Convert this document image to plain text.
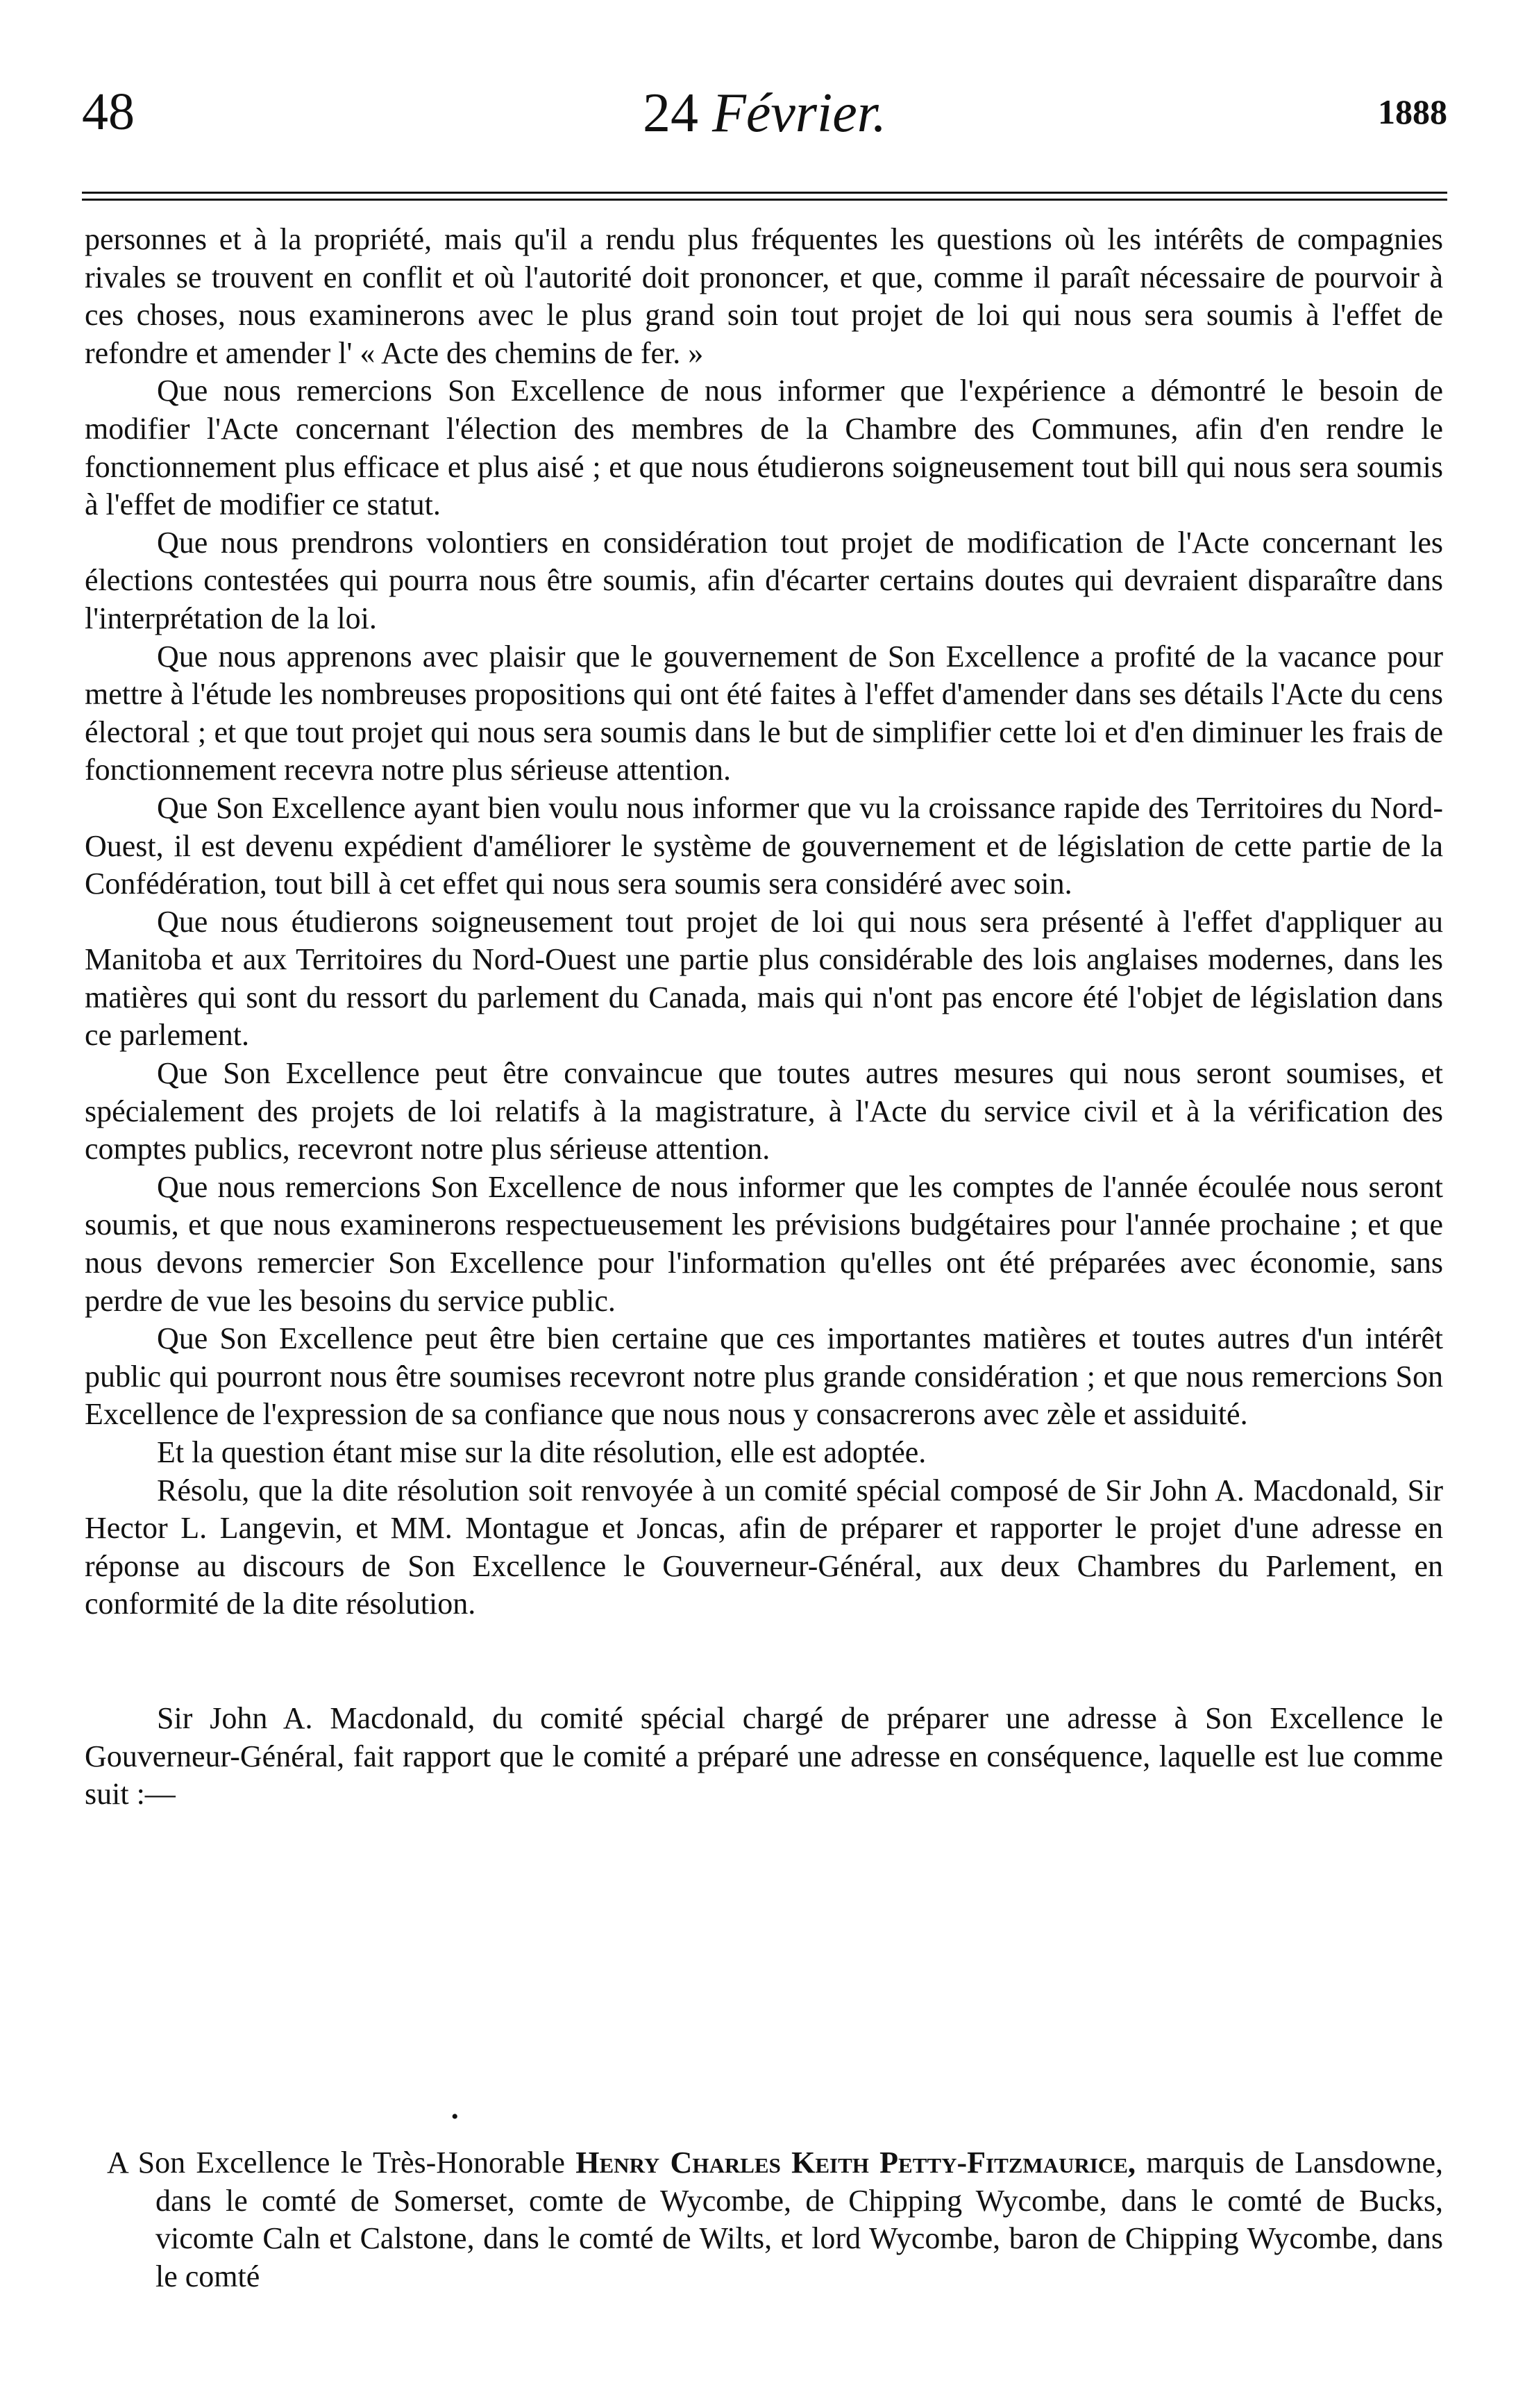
48	24 Février.	1888

personnes et à la propriété, mais qu'il a rendu plus fréquentes les questions où les intérêts de compagnies rivales se trouvent en conflit et où l'autorité doit prononcer, et que, comme il paraît nécessaire de pourvoir à ces choses, nous examinerons avec le plus grand soin tout projet de loi qui nous sera soumis à l'effet de refondre et amender l' « Acte des chemins de fer. »

Que nous remercions Son Excellence de nous informer que l'expérience a démontré le besoin de modifier l'Acte concernant l'élection des membres de la Chambre des Communes, afin d'en rendre le fonctionnement plus efficace et plus aisé ; et que nous étudierons soigneusement tout bill qui nous sera soumis à l'effet de modifier ce statut.

Que nous prendrons volontiers en considération tout projet de modification de l'Acte concernant les élections contestées qui pourra nous être soumis, afin d'écarter certains doutes qui devraient disparaître dans l'interprétation de la loi.

Que nous apprenons avec plaisir que le gouvernement de Son Excellence a profité de la vacance pour mettre à l'étude les nombreuses propositions qui ont été faites à l'effet d'amender dans ses détails l'Acte du cens électoral ; et que tout projet qui nous sera soumis dans le but de simplifier cette loi et d'en diminuer les frais de fonctionnement recevra notre plus sérieuse attention.

Que Son Excellence ayant bien voulu nous informer que vu la croissance rapide des Territoires du Nord-Ouest, il est devenu expédient d'améliorer le système de gouvernement et de législation de cette partie de la Confédération, tout bill à cet effet qui nous sera soumis sera considéré avec soin.

Que nous étudierons soigneusement tout projet de loi qui nous sera présenté à l'effet d'appliquer au Manitoba et aux Territoires du Nord-Ouest une partie plus considérable des lois anglaises modernes, dans les matières qui sont du ressort du parlement du Canada, mais qui n'ont pas encore été l'objet de législation dans ce parlement.

Que Son Excellence peut être convaincue que toutes autres mesures qui nous seront soumises, et spécialement des projets de loi relatifs à la magistrature, à l'Acte du service civil et à la vérification des comptes publics, recevront notre plus sérieuse attention.

Que nous remercions Son Excellence de nous informer que les comptes de l'année écoulée nous seront soumis, et que nous examinerons respectueusement les prévisions budgétaires pour l'année prochaine ; et que nous devons remercier Son Excellence pour l'information qu'elles ont été préparées avec économie, sans perdre de vue les besoins du service public.

Que Son Excellence peut être bien certaine que ces importantes matières et toutes autres d'un intérêt public qui pourront nous être soumises recevront notre plus grande considération ; et que nous remercions Son Excellence de l'expression de sa confiance que nous nous y consacrerons avec zèle et assiduité.

Et la question étant mise sur la dite résolution, elle est adoptée.

Résolu, que la dite résolution soit renvoyée à un comité spécial composé de Sir John A. Macdonald, Sir Hector L. Langevin, et MM. Montague et Joncas, afin de préparer et rapporter le projet d'une adresse en réponse au discours de Son Excellence le Gouverneur-Général, aux deux Chambres du Parlement, en conformité de la dite résolution.

Sir John A. Macdonald, du comité spécial chargé de préparer une adresse à Son Excellence le Gouverneur-Général, fait rapport que le comité a préparé une adresse en conséquence, laquelle est lue comme suit :—

•
A Son Excellence le Très-Honorable Henry Charles Keith Petty-Fitzmaurice, marquis de Lansdowne, dans le comté de Somerset, comte de Wycombe, de Chipping Wycombe, dans le comté de Bucks, vicomte Caln et Calstone, dans le comté de Wilts, et lord Wycombe, baron de Chipping Wycombe, dans le comté
